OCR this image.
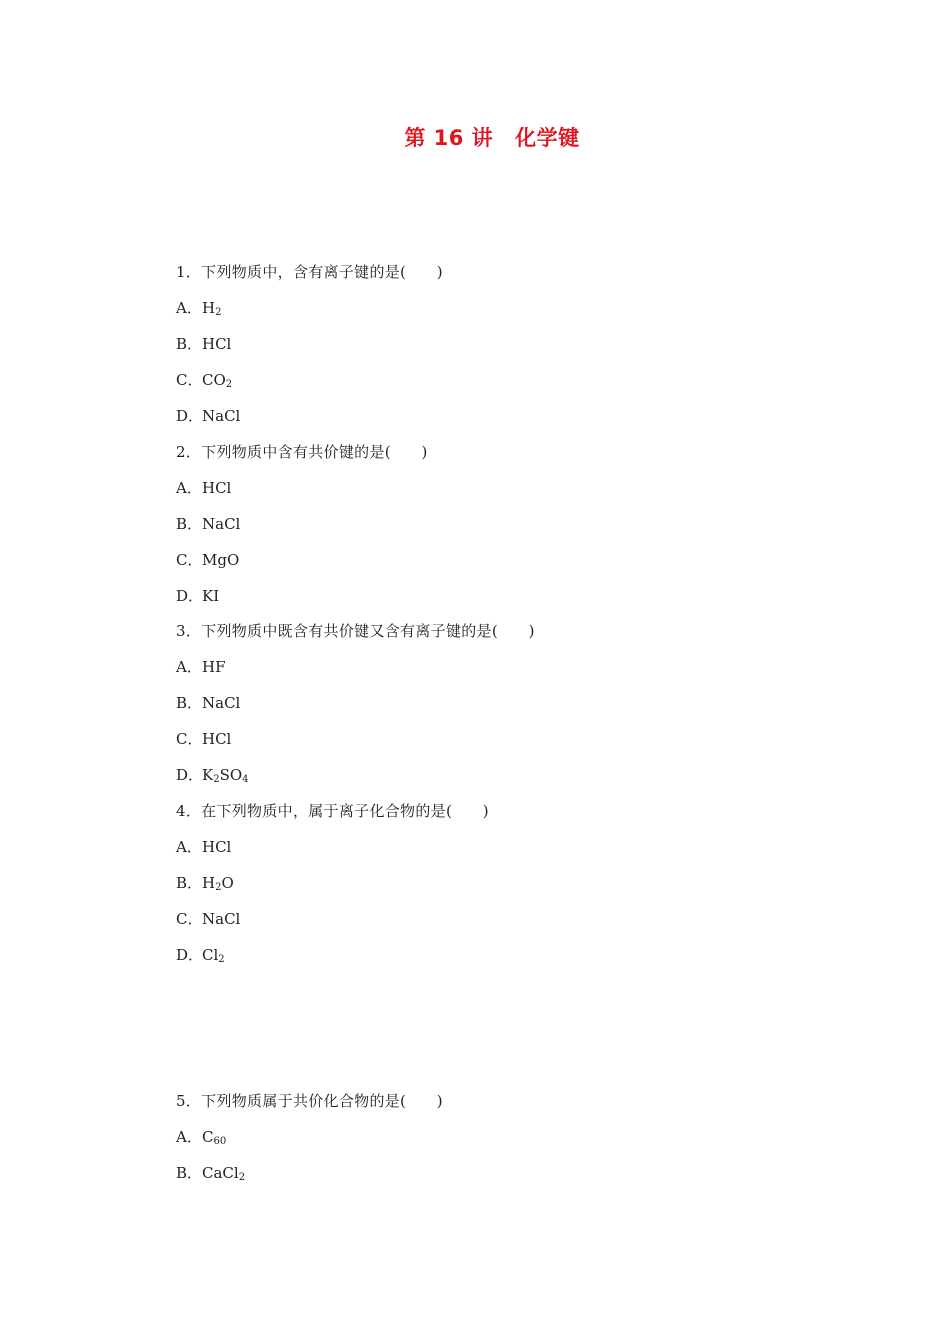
第 16 讲 化学键
1．下列物质中，含有离子键的是(　　)
A．$H_2$
B．HCl
C．$CO_2$
D．NaCl
2．下列物质中含有共价键的是(　　)
A．HCl
B．NaCl
C．MgO
D．KI
3．下列物质中既含有共价键又含有离子键的是(　　)
A．HF
B．NaCl
C．HCl
D．$K_2SO_4$
4．在下列物质中，属于离子化合物的是(　　)
A．HCl
B．$H_2O$
C．NaCl
D．$Cl_2$
5．下列物质属于共价化合物的是(　　)
A．$C_{60}$
B．CaCl$_2$
